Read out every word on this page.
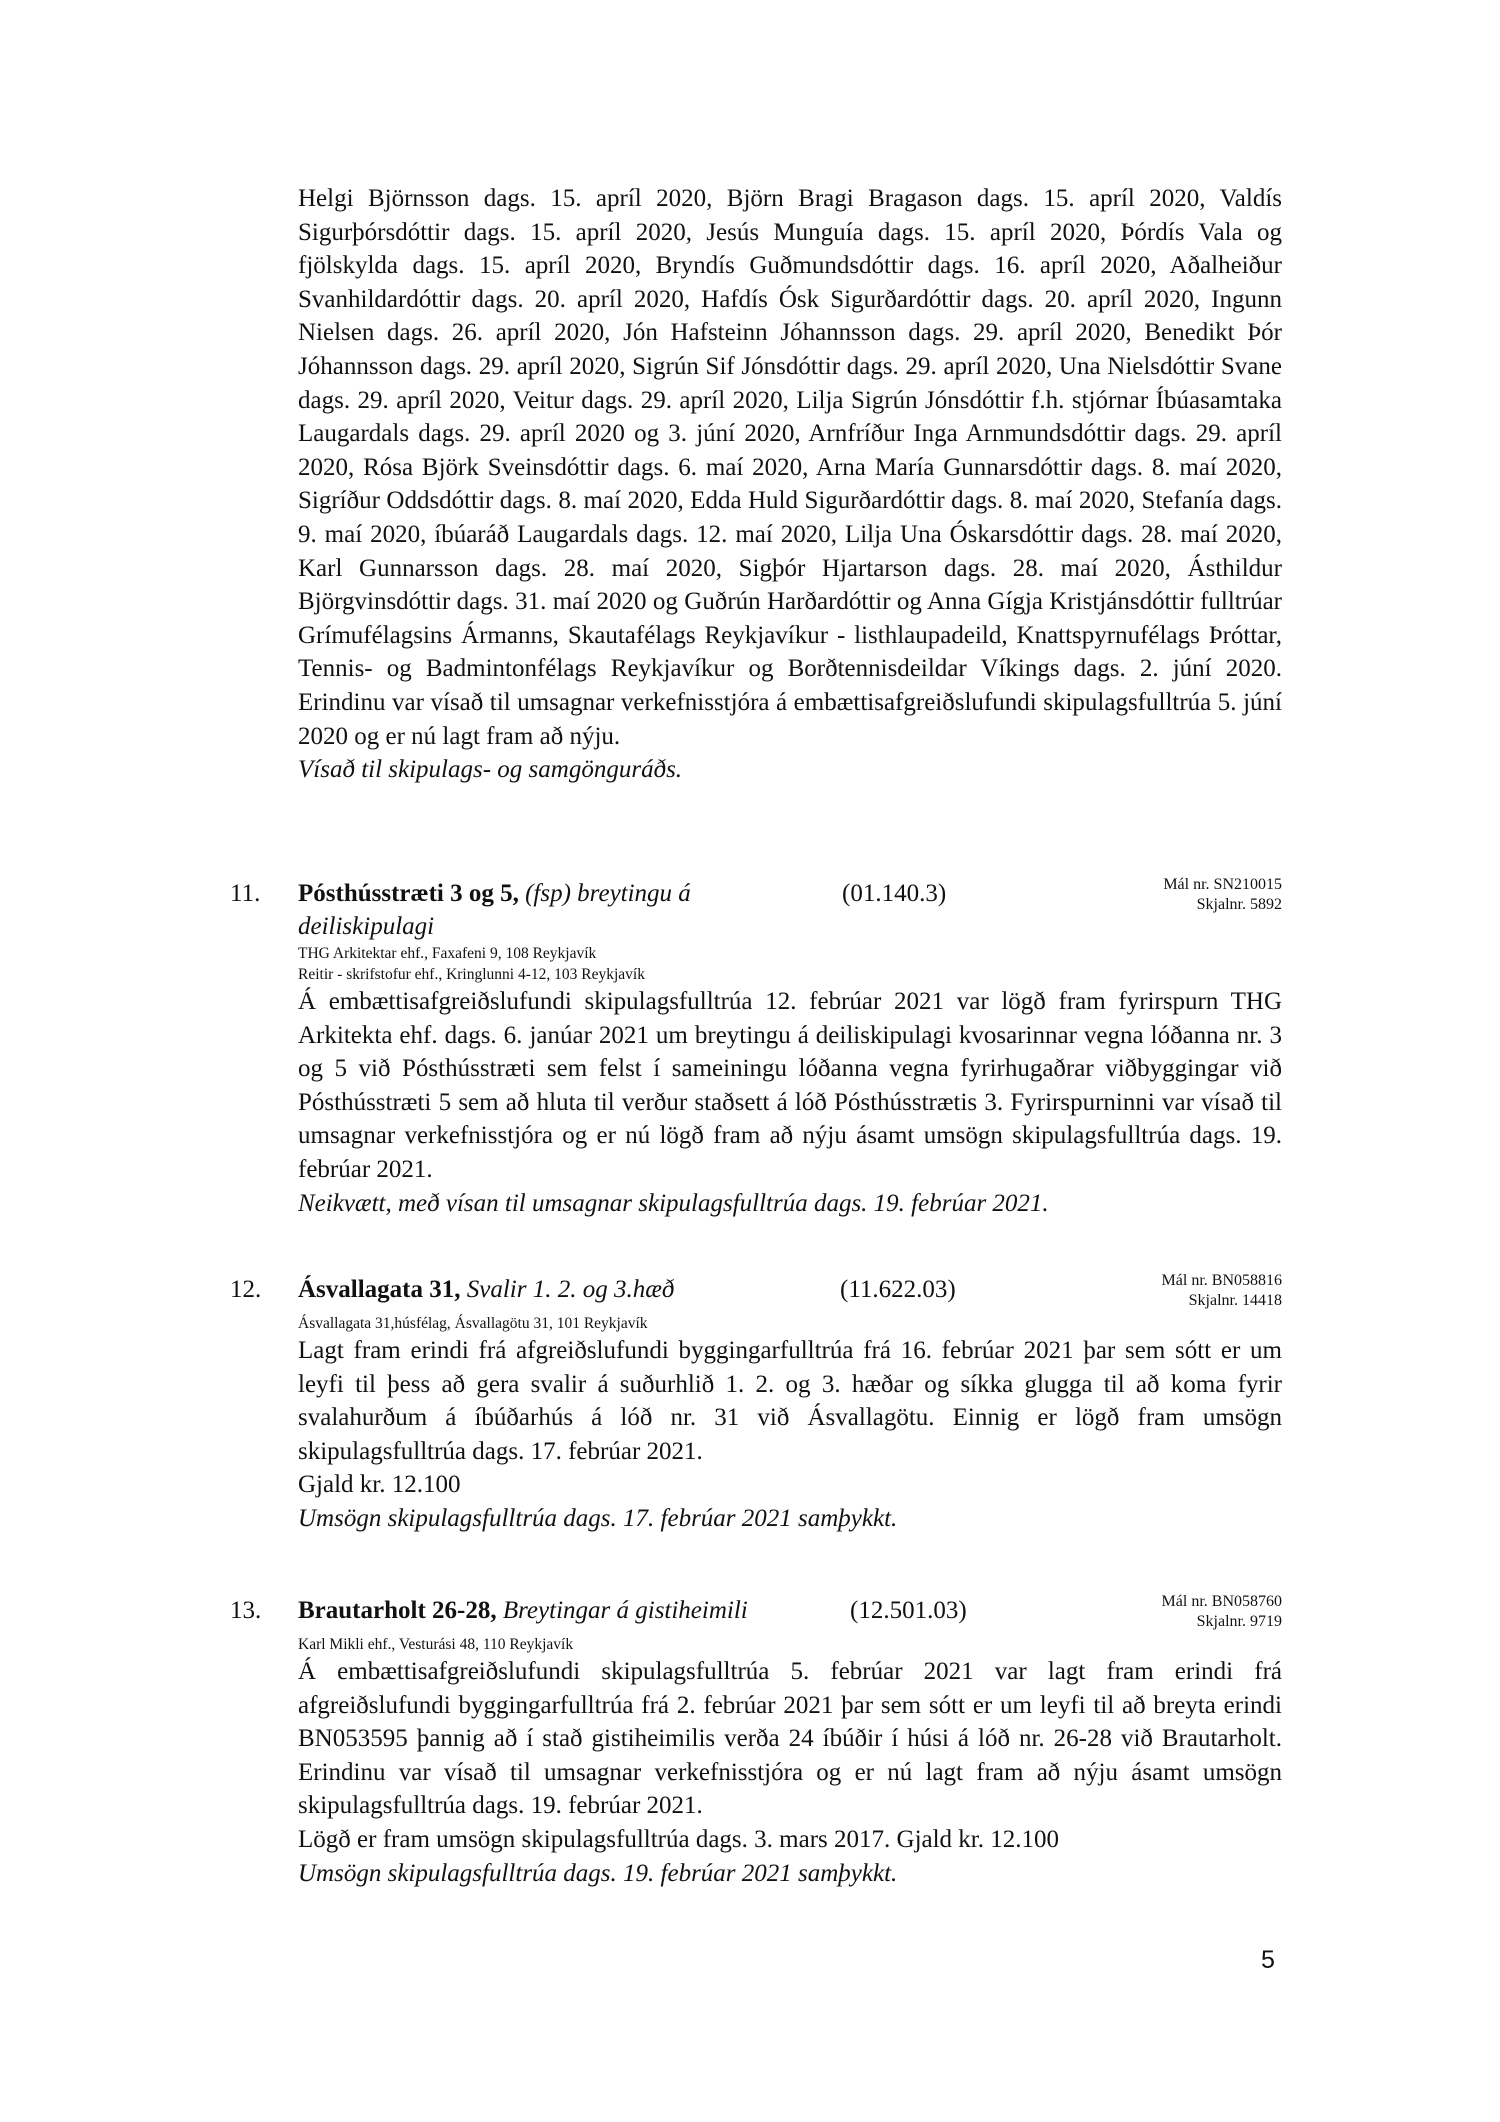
Helgi Björnsson dags. 15. apríl 2020, Björn Bragi Bragason dags. 15. apríl 2020, Valdís Sigurþórsdóttir dags. 15. apríl 2020, Jesús Munguía dags. 15. apríl 2020, Þórdís Vala og fjölskylda dags. 15. apríl 2020, Bryndís Guðmundsdóttir dags. 16. apríl 2020, Aðalheiður Svanhildardóttir dags. 20. apríl 2020, Hafdís Ósk Sigurðardóttir dags. 20. apríl 2020, Ingunn Nielsen dags. 26. apríl 2020, Jón Hafsteinn Jóhannsson dags. 29. apríl 2020, Benedikt Þór Jóhannsson dags. 29. apríl 2020, Sigrún Sif Jónsdóttir dags. 29. apríl 2020, Una Nielsdóttir Svane dags. 29. apríl 2020, Veitur dags. 29. apríl 2020, Lilja Sigrún Jónsdóttir f.h. stjórnar Íbúasamtaka Laugardals dags. 29. apríl 2020 og 3. júní 2020, Arnfríður Inga Arnmundsdóttir dags. 29. apríl 2020, Rósa Björk Sveinsdóttir dags. 6. maí 2020, Arna María Gunnarsdóttir dags. 8. maí 2020, Sigríður Oddsdóttir dags. 8. maí 2020, Edda Huld Sigurðardóttir dags. 8. maí 2020, Stefanía dags. 9. maí 2020, íbúaráð Laugardals dags. 12. maí 2020, Lilja Una Óskarsdóttir dags. 28. maí 2020, Karl Gunnarsson dags. 28. maí 2020, Sigþór Hjartarson dags. 28. maí 2020, Ásthildur Björgvinsdóttir dags. 31. maí 2020 og Guðrún Harðardóttir og Anna Gígja Kristjánsdóttir fulltrúar Grímufélagsins Ármanns, Skautafélags Reykjavíkur - listhlaupadeild, Knattspyrnufélags Þróttar, Tennis- og Badmintonfélags Reykjavíkur og Borðtennisdeildar Víkings dags. 2. júní 2020. Erindinu var vísað til umsagnar verkefnisstjóra á embættisafgreiðslufundi skipulagsfulltrúa 5. júní 2020 og er nú lagt fram að nýju.

Vísað til skipulags- og samgönguráðs.

11. Pósthússtræti 3 og 5, (fsp) breytingu á deiliskipulagi
(01.140.3)	Mál nr. SN210015
Skjalnr. 5892
THG Arkitektar ehf., Faxafeni 9, 108 Reykjavík
Reitir - skrifstofur ehf., Kringlunni 4-12, 103 Reykjavík

Á embættisafgreiðslufundi skipulagsfulltrúa 12. febrúar 2021 var lögð fram fyrirspurn THG Arkitekta ehf. dags. 6. janúar 2021 um breytingu á deiliskipulagi kvosarinnar vegna lóðanna nr. 3 og 5 við Pósthússtræti sem felst í sameiningu lóðanna vegna fyrirhugaðrar viðbyggingar við Pósthússtræti 5 sem að hluta til verður staðsett á lóð Pósthússtrætis 3. Fyrirspurninni var vísað til umsagnar verkefnisstjóra og er nú lögð fram að nýju ásamt umsögn skipulagsfulltrúa dags. 19. febrúar 2021.

Neikvætt, með vísan til umsagnar skipulagsfulltrúa dags. 19. febrúar 2021.

12. Ásvallagata 31, Svalir 1. 2. og 3.hæð	(11.622.03)	Mál nr. BN058816
Skjalnr. 14418
Ásvallagata 31,húsfélag, Ásvallagötu 31, 101 Reykjavík

Lagt fram erindi frá afgreiðslufundi byggingarfulltrúa frá 16. febrúar 2021 þar sem sótt er um leyfi til þess að gera svalir á suðurhlið 1. 2. og 3. hæðar og síkka glugga til að koma fyrir svalahurðum á íbúðarhús á lóð nr. 31 við Ásvallagötu. Einnig er lögð fram umsögn skipulagsfulltrúa dags. 17. febrúar 2021.

Gjald kr. 12.100

Umsögn skipulagsfulltrúa dags. 17. febrúar 2021 samþykkt.

13. Brautarholt 26-28, Breytingar á gistiheimili	(12.501.03)	Mál nr. BN058760
Skjalnr. 9719
Karl Mikli ehf., Vesturási 48, 110 Reykjavík

Á embættisafgreiðslufundi skipulagsfulltrúa 5. febrúar 2021 var lagt fram erindi frá afgreiðslufundi byggingarfulltrúa frá 2. febrúar 2021 þar sem sótt er um leyfi til að breyta erindi BN053595 þannig að í stað gistiheimilis verða 24 íbúðir í húsi á lóð nr. 26-28 við Brautarholt. Erindinu var vísað til umsagnar verkefnisstjóra og er nú lagt fram að nýju ásamt umsögn skipulagsfulltrúa dags. 19. febrúar 2021.

Lögð er fram umsögn skipulagsfulltrúa dags. 3. mars 2017. Gjald kr. 12.100

Umsögn skipulagsfulltrúa dags. 19. febrúar 2021 samþykkt.

5
